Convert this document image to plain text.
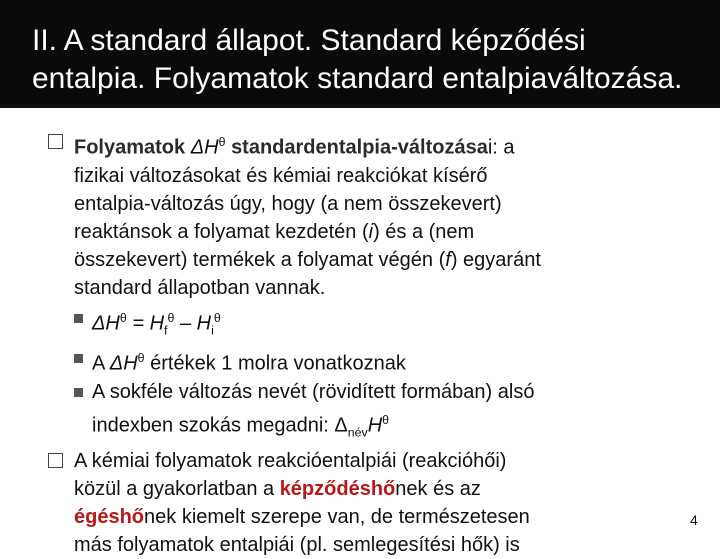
II. A standard állapot. Standard képződési
entalpia. Folyamatok standard entalpiaváltozása.
Folyamatok $\Delta H^\theta$ standardentalpia-változásai: a
fizikai változásokat és kémiai reakciókat kísérő
entalpia-változás úgy, hogy (a nem összekevert)
reaktánsok a folyamat kezdetén (i) és a (nem
összekevert) termékek a folyamat végén (f) egyaránt
standard állapotban vannak.
$\Delta H^\theta = H_f^\theta - H_i^\theta$
A $\Delta H^\theta$ értékek 1 molra vonatkoznak
A sokféle változás nevét (rövidített formában) alsó
indexben szokás megadni: $\Delta_{név}H^\theta$
A kémiai folyamatok reakcióentalpiái (reakcióhői)
közül a gyakorlatban a képződéshőnek és az
égéshőnek kiemelt szerepe van, de természetesen
más folyamatok entalpiái (pl. semlegesítési hők) is
4
